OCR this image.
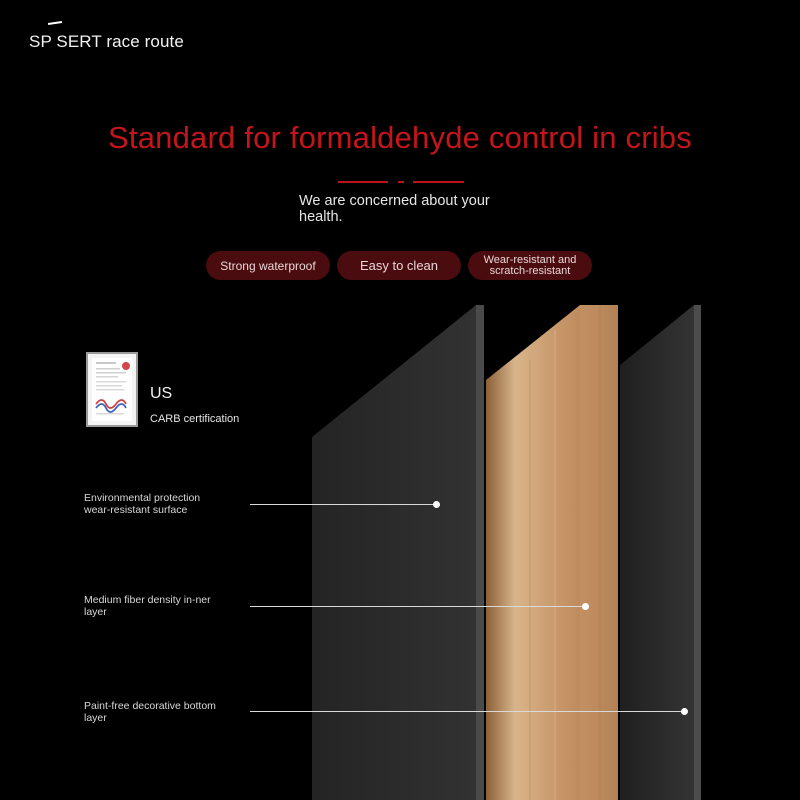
SP SERT race route
Standard for formaldehyde control in cribs
We are concerned about your health.
Strong waterproof	Easy to clean	Wear-resistant and scratch-resistant
US
CARB certification
Environmental protection wear-resistant surface
Medium fiber density in-ner layer
Paint-free decorative bottom layer
